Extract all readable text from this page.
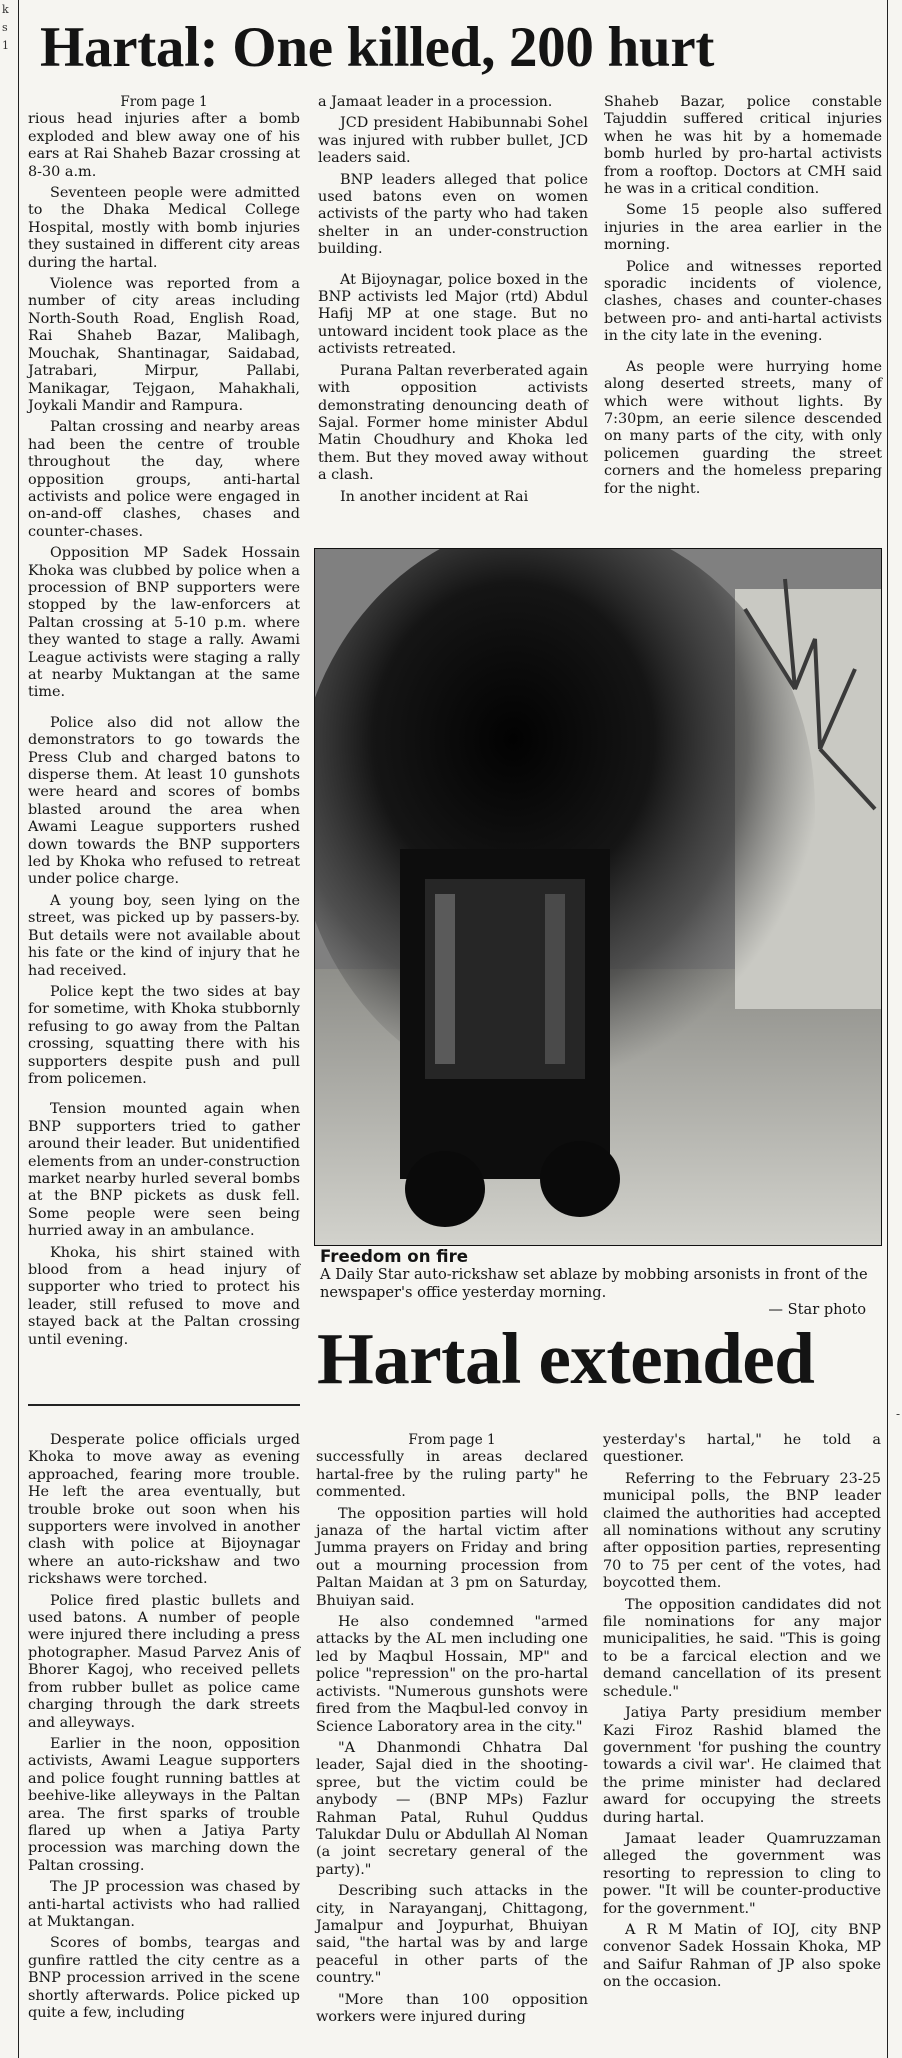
k
s
1
-
Hartal: One killed, 200 hurt

From page 1

rious head injuries after a bomb exploded and blew away one of his ears at Rai Shaheb Bazar crossing at 8-30 a.m.

Seventeen people were admitted to the Dhaka Medical College Hospital, mostly with bomb injuries they sustained in different city areas during the hartal.

Violence was reported from a number of city areas including North-South Road, English Road, Rai Shaheb Bazar, Malibagh, Mouchak, Shantinagar, Saidabad, Jatrabari, Mirpur, Pallabi, Manikagar, Tejgaon, Mahakhali, Joykali Mandir and Rampura.

Paltan crossing and nearby areas had been the centre of trouble throughout the day, where opposition groups, anti-hartal activists and police were engaged in on-and-off clashes, chases and counter-chases.

Opposition MP Sadek Hossain Khoka was clubbed by police when a procession of BNP supporters were stopped by the law-enforcers at Paltan crossing at 5-10 p.m. where they wanted to stage a rally. Awami League activists were staging a rally at nearby Muktangan at the same time.

Police also did not allow the demonstrators to go towards the Press Club and charged batons to disperse them. At least 10 gunshots were heard and scores of bombs blasted around the area when Awami League supporters rushed down towards the BNP supporters led by Khoka who refused to retreat under police charge.

A young boy, seen lying on the street, was picked up by passers-by. But details were not available about his fate or the kind of injury that he had received.

Police kept the two sides at bay for sometime, with Khoka stubbornly refusing to go away from the Paltan crossing, squatting there with his supporters despite push and pull from policemen.

Tension mounted again when BNP supporters tried to gather around their leader. But unidentified elements from an under-construction market nearby hurled several bombs at the BNP pickets as dusk fell. Some people were seen being hurried away in an ambulance.

Khoka, his shirt stained with blood from a head injury of supporter who tried to protect his leader, still refused to move and stayed back at the Paltan crossing until evening.

a Jamaat leader in a procession.

JCD president Habibunnabi Sohel was injured with rubber bullet, JCD leaders said.

BNP leaders alleged that police used batons even on women activists of the party who had taken shelter in an under-construction building.

At Bijoynagar, police boxed in the BNP activists led Major (rtd) Abdul Hafij MP at one stage. But no untoward incident took place as the activists retreated.

Purana Paltan reverberated again with opposition activists demonstrating denouncing death of Sajal. Former home minister Abdul Matin Choudhury and Khoka led them. But they moved away without a clash.

In another incident at Rai

Shaheb Bazar, police constable Tajuddin suffered critical injuries when he was hit by a homemade bomb hurled by pro-hartal activists from a rooftop. Doctors at CMH said he was in a critical condition.

Some 15 people also suffered injuries in the area earlier in the morning.

Police and witnesses reported sporadic incidents of violence, clashes, chases and counter-chases between pro- and anti-hartal activists in the city late in the evening.

As people were hurrying home along deserted streets, many of which were without lights. By 7:30pm, an eerie silence descended on many parts of the city, with only policemen guarding the street corners and the homeless preparing for the night.

Freedom on fire
A Daily Star auto-rickshaw set ablaze by mobbing arsonists in front of the newspaper's office yesterday morning.
— Star photo

Desperate police officials urged Khoka to move away as evening approached, fearing more trouble. He left the area eventually, but trouble broke out soon when his supporters were involved in another clash with police at Bijoynagar where an auto-rickshaw and two rickshaws were torched.

Police fired plastic bullets and used batons. A number of people were injured there including a press photographer. Masud Parvez Anis of Bhorer Kagoj, who received pellets from rubber bullet as police came charging through the dark streets and alleyways.

Earlier in the noon, opposition activists, Awami League supporters and police fought running battles at beehive-like alleyways in the Paltan area. The first sparks of trouble flared up when a Jatiya Party procession was marching down the Paltan crossing.

The JP procession was chased by anti-hartal activists who had rallied at Muktangan.

Scores of bombs, teargas and gunfire rattled the city centre as a BNP procession arrived in the scene shortly afterwards. Police picked up quite a few, including

Hartal extended

From page 1

successfully in areas declared hartal-free by the ruling party" he commented.

The opposition parties will hold janaza of the hartal victim after Jumma prayers on Friday and bring out a mourning procession from Paltan Maidan at 3 pm on Saturday, Bhuiyan said.

He also condemned "armed attacks by the AL men including one led by Maqbul Hossain, MP" and police "repression" on the pro-hartal activists. "Numerous gunshots were fired from the Maqbul-led convoy in Science Laboratory area in the city."

"A Dhanmondi Chhatra Dal leader, Sajal died in the shooting-spree, but the victim could be anybody — (BNP MPs) Fazlur Rahman Patal, Ruhul Quddus Talukdar Dulu or Abdullah Al Noman (a joint secretary general of the party)."

Describing such attacks in the city, in Narayanganj, Chittagong, Jamalpur and Joypurhat, Bhuiyan said, "the hartal was by and large peaceful in other parts of the country."

"More than 100 opposition workers were injured during

yesterday's hartal," he told a questioner.

Referring to the February 23-25 municipal polls, the BNP leader claimed the authorities had accepted all nominations without any scrutiny after opposition parties, representing 70 to 75 per cent of the votes, had boycotted them.

The opposition candidates did not file nominations for any major municipalities, he said. "This is going to be a farcical election and we demand cancellation of its present schedule."

Jatiya Party presidium member Kazi Firoz Rashid blamed the government 'for pushing the country towards a civil war'. He claimed that the prime minister had declared award for occupying the streets during hartal.

Jamaat leader Quamruzzaman alleged the government was resorting to repression to cling to power. "It will be counter-productive for the government."

A R M Matin of IOJ, city BNP convenor Sadek Hossain Khoka, MP and Saifur Rahman of JP also spoke on the occasion.
